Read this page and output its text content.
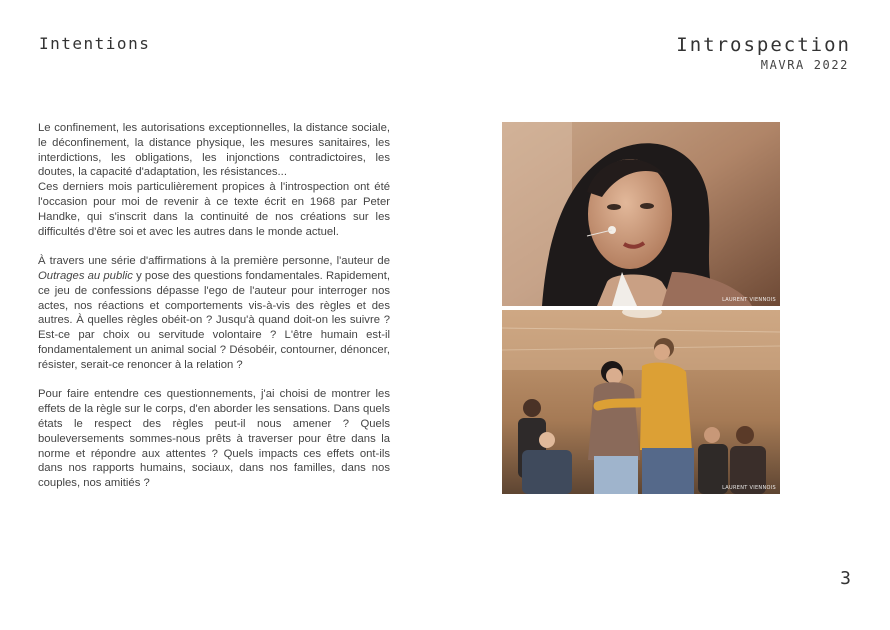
Intentions	Introspection
MAVRA 2022

Le confinement, les autorisations exceptionnelles, la distance sociale, le déconfinement, la distance physique, les mesures sanitaires, les interdictions, les obligations, les injonctions contradictoires, les doutes, la capacité d'adaptation, les résistances...
Ces derniers mois particulièrement propices à l'introspection ont été l'occasion pour moi de revenir à ce texte écrit en 1968 par Peter Handke, qui s'inscrit dans la continuité de nos créations sur les difficultés d'être soi et avec les autres dans le monde actuel.

À travers une série d'affirmations à la première personne, l'auteur de Outrages au public y pose des questions fondamentales. Rapidement, ce jeu de confessions dépasse l'ego de l'auteur pour interroger nos actes, nos réactions et comportements vis-à-vis des règles et des autres. À quelles règles obéit-on ? Jusqu'à quand doit-on les suivre ? Est-ce par choix ou servitude volontaire ? L'être humain est-il fondamentalement un animal social ? Désobéir, contourner, dénoncer, résister, serait-ce renoncer à la relation ?

Pour faire entendre ces questionnements, j'ai choisi de montrer les effets de la règle sur le corps, d'en aborder les sensations. Dans quels états le respect des règles peut-il nous amener ? Quels bouleversements sommes-nous prêts à traverser pour être dans la norme et répondre aux attentes ? Quels impacts ces effets ont-ils dans nos rapports humains, sociaux, dans nos familles, dans nos couples, nos amitiés ?

LAURENT VIENNOIS
LAURENT VIENNOIS
3
